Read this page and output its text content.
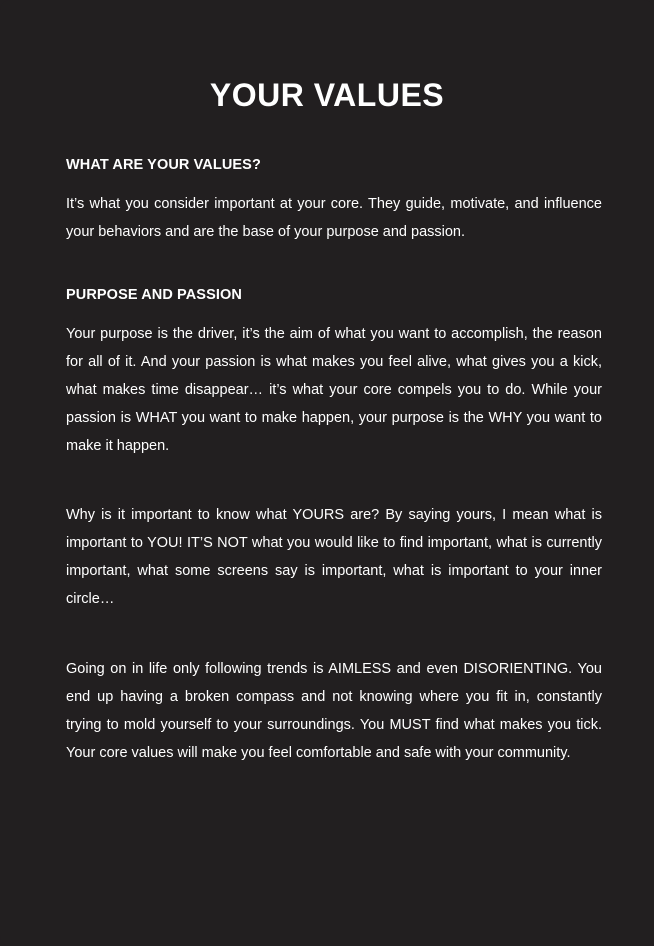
YOUR VALUES
WHAT ARE YOUR VALUES?

It’s what you consider important at your core. They guide, motivate, and influence your behaviors and are the base of your purpose and passion.

PURPOSE AND PASSION

Your purpose is the driver, it’s the aim of what you want to accomplish, the reason for all of it. And your passion is what makes you feel alive, what gives you a kick, what makes time disappear… it’s what your core compels you to do. While your passion is WHAT you want to make happen, your purpose is the WHY you want to make it happen.

Why is it important to know what YOURS are? By saying yours, I mean what is important to YOU! IT’S NOT what you would like to find important, what is currently important, what some screens say is important, what is important to your inner circle…

Going on in life only following trends is AIMLESS and even DISORIENTING. You end up having a broken compass and not knowing where you fit in, constantly trying to mold yourself to your surroundings. You MUST find what makes you tick. Your core values will make you feel comfortable and safe with your community.
